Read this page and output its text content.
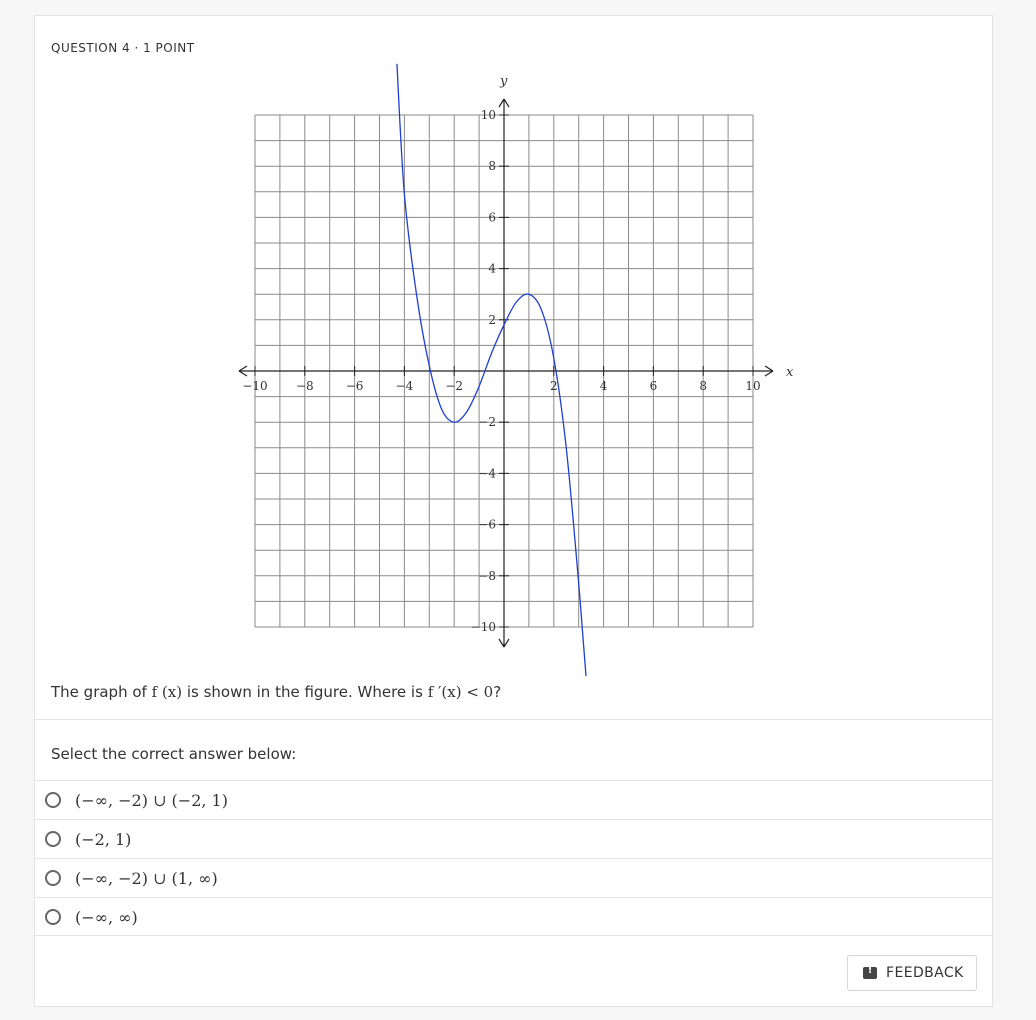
QUESTION 4 · 1 POINT
x
y
−10 −8	−6	−4	−2	2	4	6	8	10
−10
−8
−6
−4
−2
2
4
6
8
10
The graph of f (x) is shown in the figure. Where is f ′(x) < 0?
Select the correct answer below:
(−∞, −2) ∪ (−2, 1)
(−2, 1)
(−∞, −2) ∪ (1, ∞)
(−∞, ∞)
!
FEEDBACK
